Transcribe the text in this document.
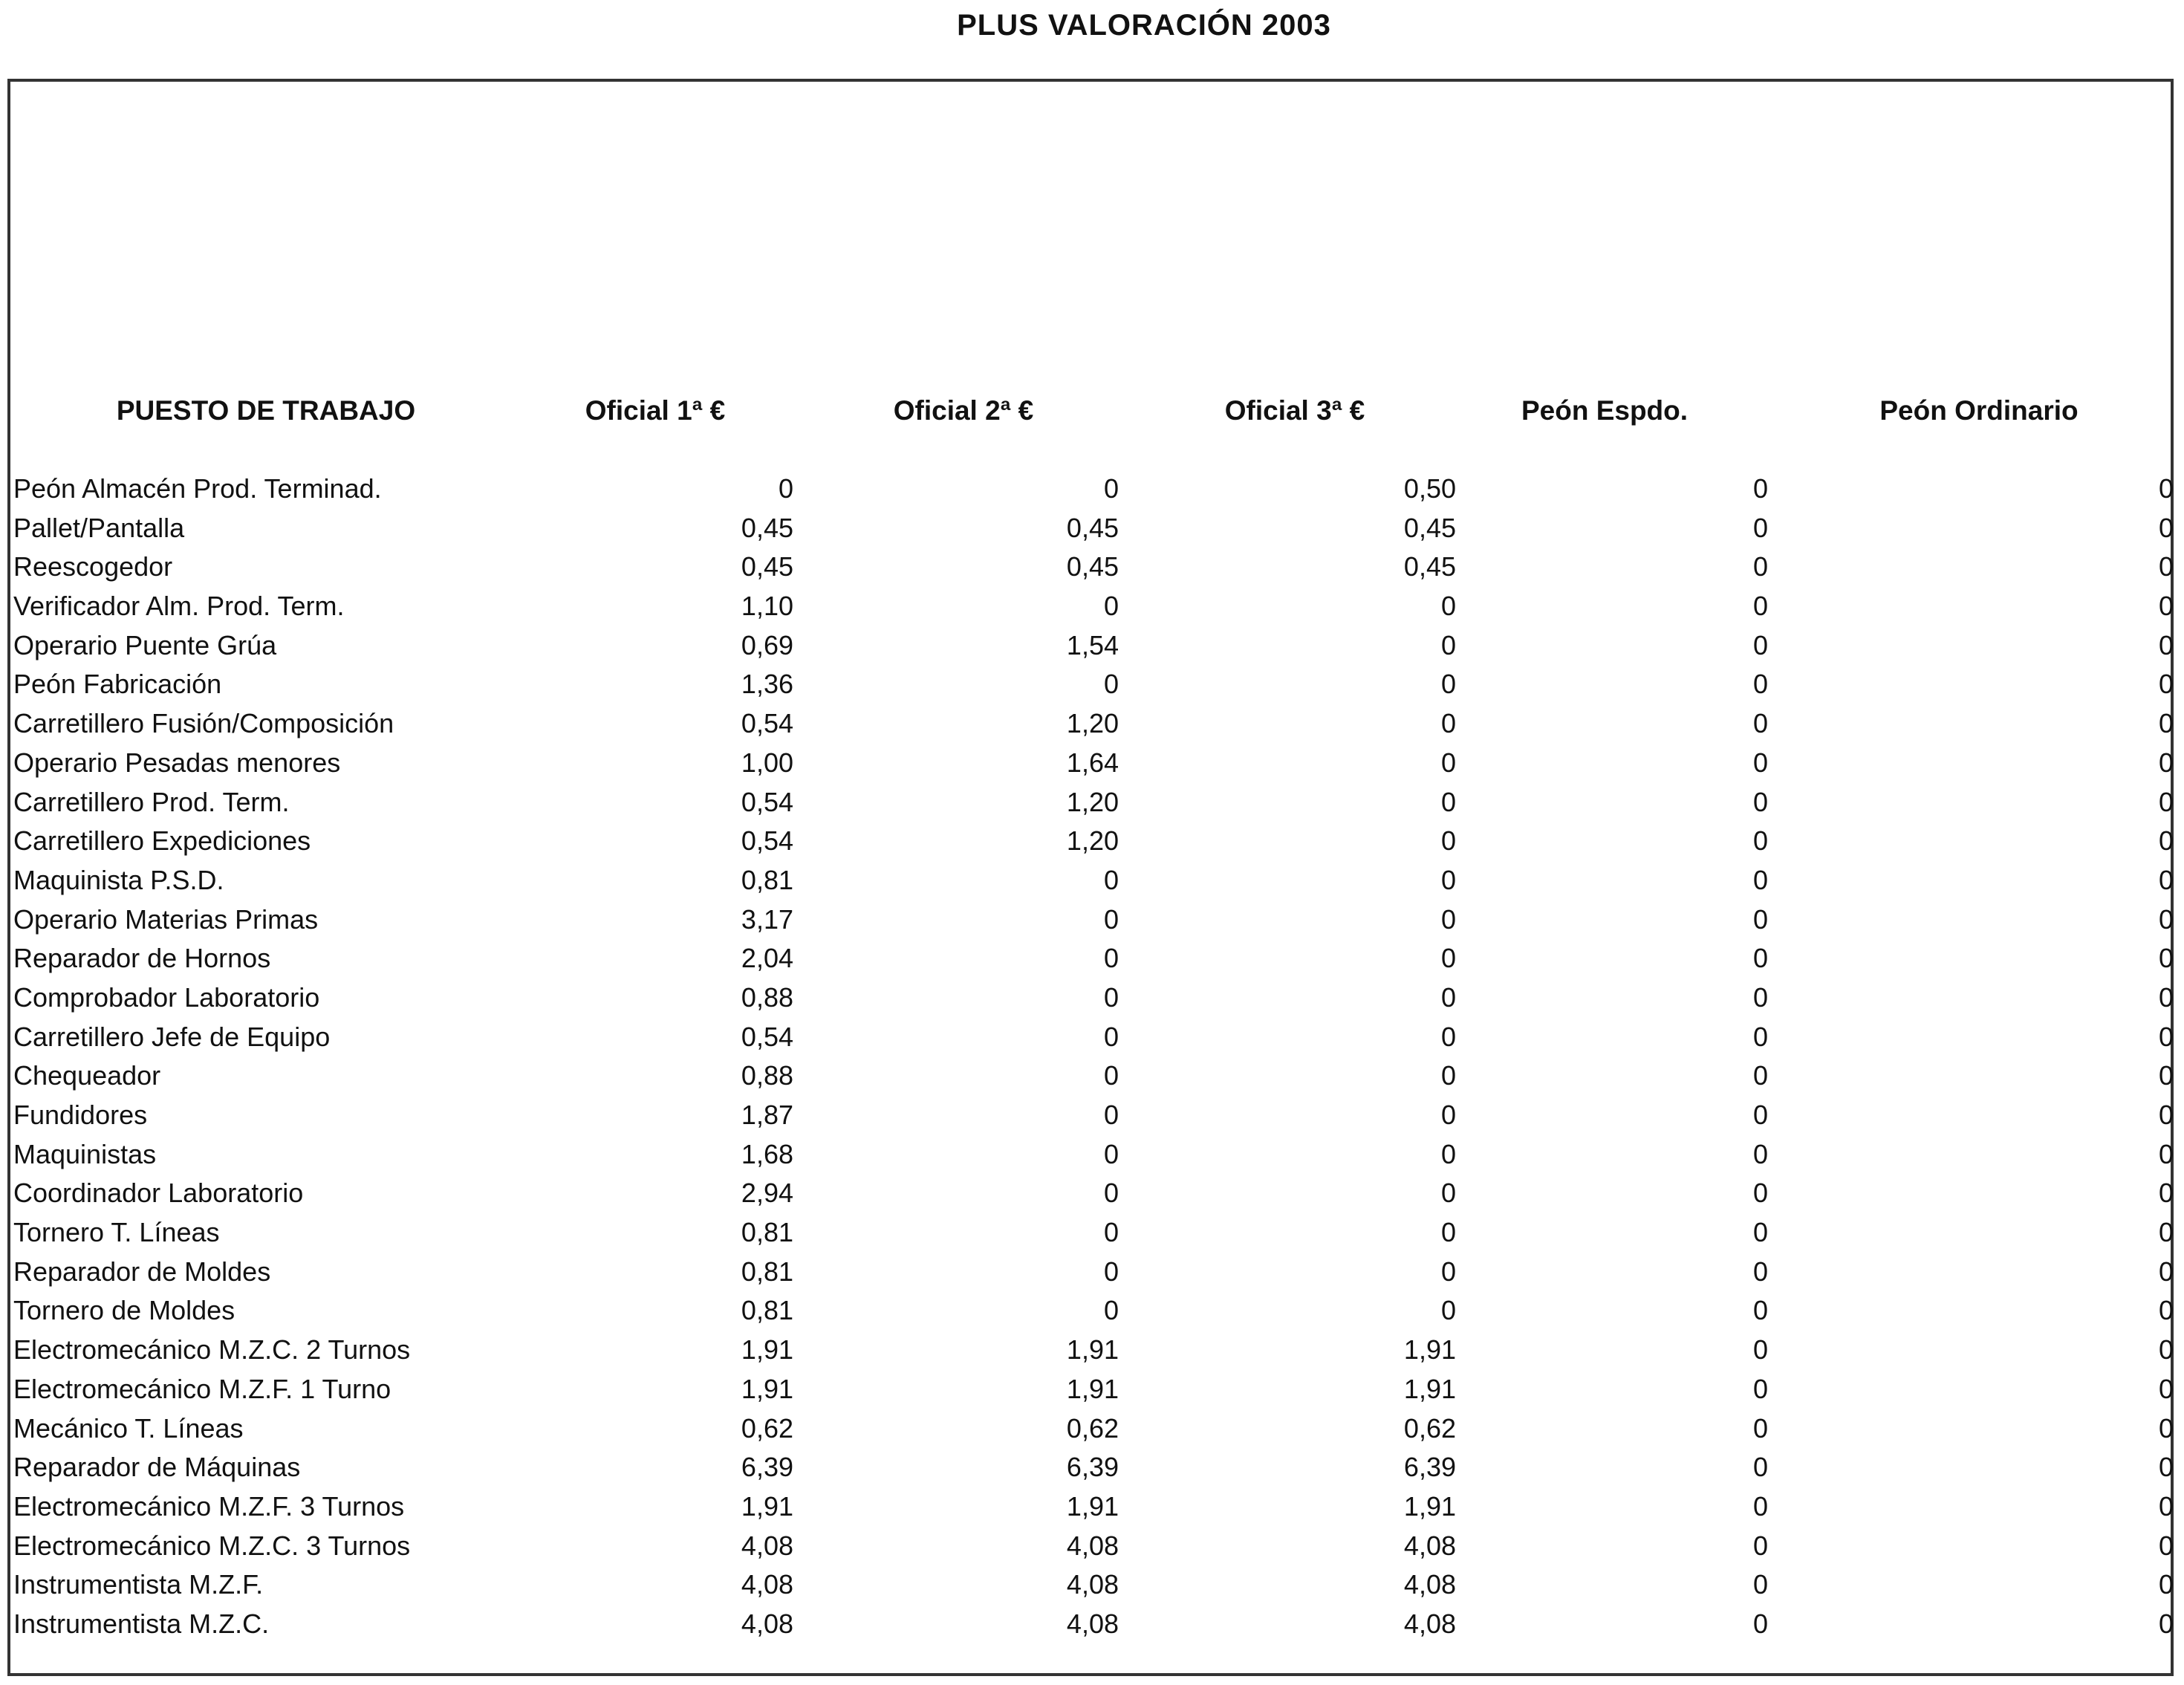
PLUS VALORACIÓN 2003
PUESTO DE TRABAJO	Oficial 1ª €	Oficial 2ª €	Oficial 3ª €	Peón Espdo.	Peón Ordinario
Peón Almacén Prod. Terminad.	0	0	0,50	0	0
Pallet/Pantalla	0,45	0,45	0,45	0	0
Reescogedor	0,45	0,45	0,45	0	0
Verificador Alm. Prod. Term.	1,10	0	0	0	0
Operario Puente Grúa	0,69	1,54	0	0	0
Peón Fabricación	1,36	0	0	0	0
Carretillero Fusión/Composición	0,54	1,20	0	0	0
Operario Pesadas menores	1,00	1,64	0	0	0
Carretillero Prod. Term.	0,54	1,20	0	0	0
Carretillero Expediciones	0,54	1,20	0	0	0
Maquinista P.S.D.	0,81	0	0	0	0
Operario Materias Primas	3,17	0	0	0	0
Reparador de Hornos	2,04	0	0	0	0
Comprobador Laboratorio	0,88	0	0	0	0
Carretillero Jefe de Equipo	0,54	0	0	0	0
Chequeador	0,88	0	0	0	0
Fundidores	1,87	0	0	0	0
Maquinistas	1,68	0	0	0	0
Coordinador Laboratorio	2,94	0	0	0	0
Tornero T. Líneas	0,81	0	0	0	0
Reparador de Moldes	0,81	0	0	0	0
Tornero de Moldes	0,81	0	0	0	0
Electromecánico M.Z.C. 2 Turnos	1,91	1,91	1,91	0	0
Electromecánico M.Z.F. 1 Turno	1,91	1,91	1,91	0	0
Mecánico T. Líneas	0,62	0,62	0,62	0	0
Reparador de Máquinas	6,39	6,39	6,39	0	0
Electromecánico M.Z.F. 3 Turnos	1,91	1,91	1,91	0	0
Electromecánico M.Z.C. 3 Turnos	4,08	4,08	4,08	0	0
Instrumentista M.Z.F.	4,08	4,08	4,08	0	0
Instrumentista M.Z.C.	4,08	4,08	4,08	0	0
